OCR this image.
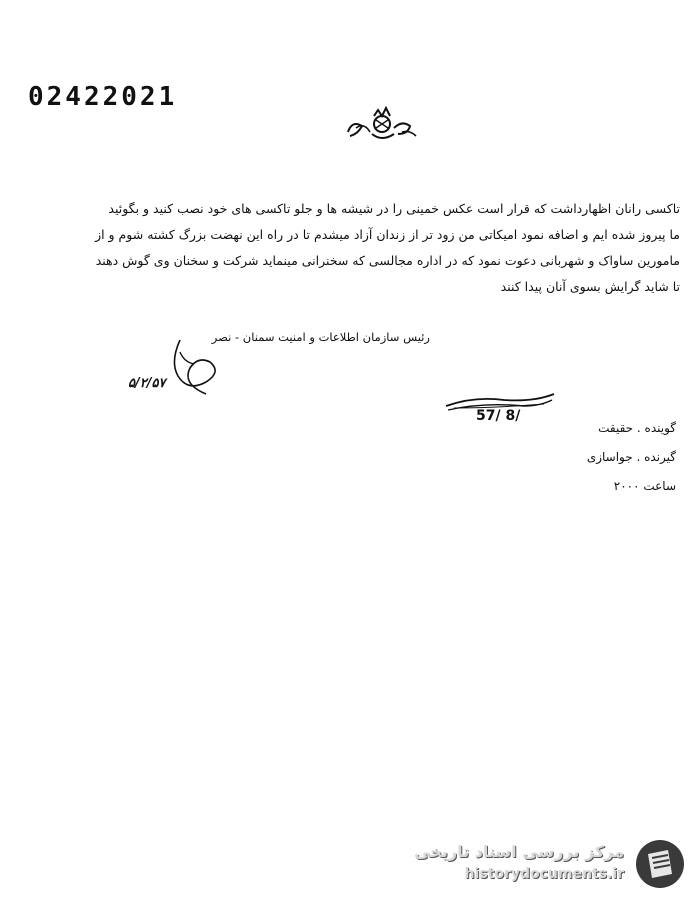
02422021
تاکسی رانان اظهارداشت که قرار است عکس خمینی را در شیشه ها و جلو تاکسی های خود نصب کنید و بگوئید
ما پیروز شده ایم و اضافه نمود امیکاتی من زود تر از زندان آزاد میشدم تا در راه این نهضت بزرگ کشته شوم و از
مامورین ساواک و شهربانی دعوت نمود که در اداره مجالسی که سخنرانی مینماید شرکت و سخنان وی گوش دهند
تا شاید گرایش بسوی آنان پیدا کنند
رئیس سازمان اطلاعات و امنیت سمنان - نصر
۵/۲/۵۷
57/ 8/
گوینده . حقیقت
گیرنده . جواسازی
ساعت ۲۰۰۰
مرکز بررسی اسناد تاریخی
historydocuments.ir
